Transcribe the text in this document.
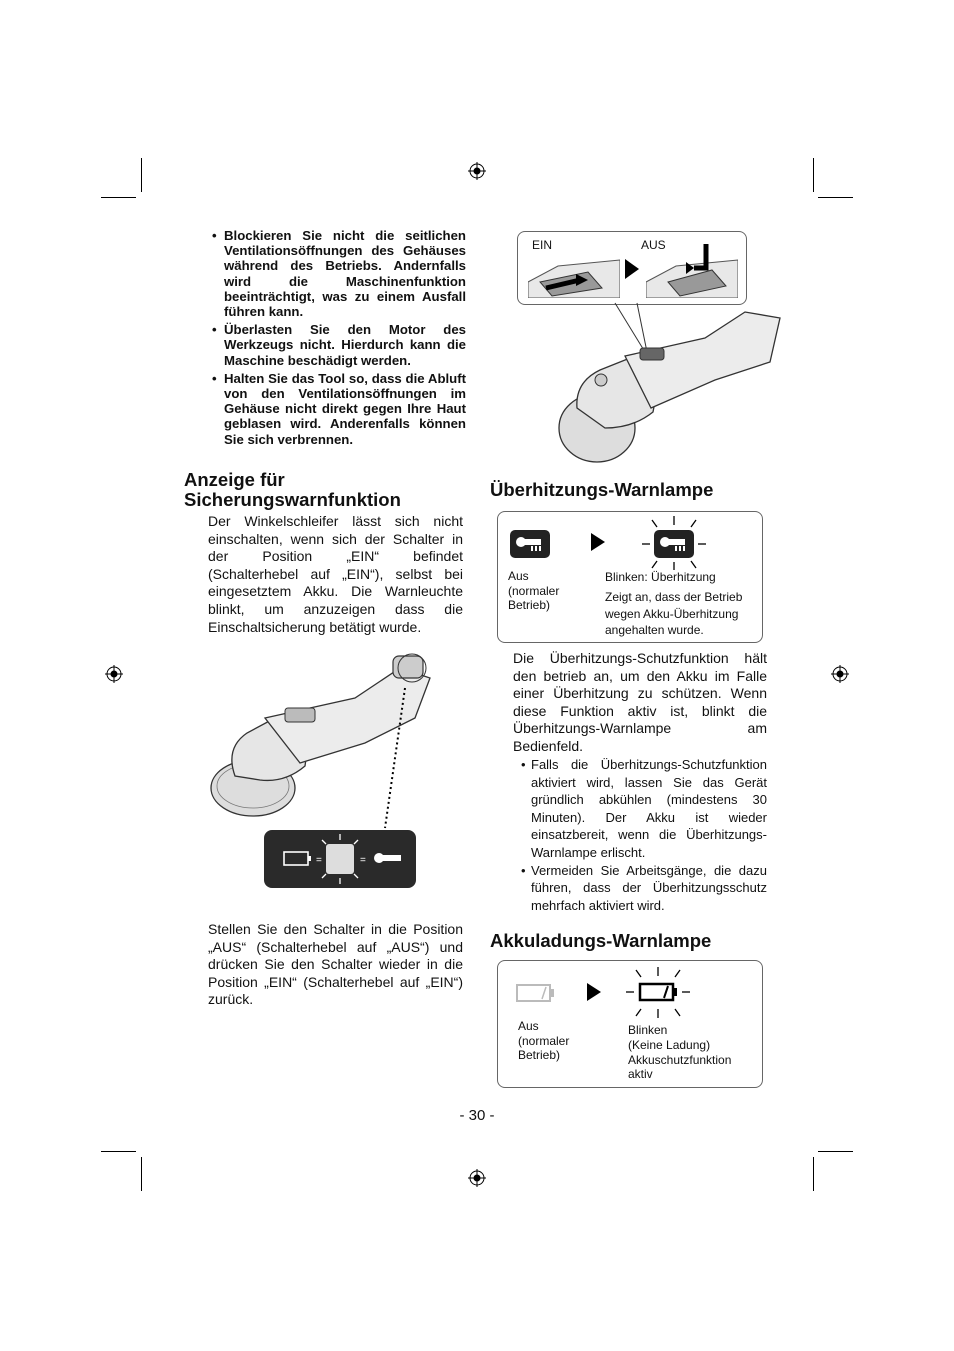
• Blockieren Sie nicht die seitlichen Ventilationsöffnungen des Gehäuses während des Betriebs. Andernfalls wird die Maschinenfunktion beeinträchtigt, was zu einem Ausfall führen kann.
• Überlasten Sie den Motor des Werkzeugs nicht. Hierdurch kann die Maschine beschädigt werden.
• Halten Sie das Tool so, dass die Abluft von den Ventilationsöffnungen im Gehäuse nicht direkt gegen Ihre Haut geblasen wird. Anderenfalls können Sie sich verbrennen.
Anzeige für Sicherungswarnfunktion
Der Winkelschleifer lässt sich nicht einschalten, wenn sich der Schalter in der Position „EIN“ befindet (Schalterhebel auf „EIN“), selbst bei eingesetztem Akku. Die Warnleuchte blinkt, um anzuzeigen dass die Einschaltsicherung betätigt wurde.
=	=
Stellen Sie den Schalter in die Position „AUS“ (Schalterhebel auf „AUS“) und drücken Sie den Schalter wieder in die Position „EIN“ (Schalterhebel auf „EIN“) zurück.
EIN	AUS
Überhitzungs-Warnlampe
Aus
(normaler
Betrieb)
Blinken: Überhitzung
Zeigt an, dass der Betrieb wegen Akku-Überhitzung angehalten wurde.
Die Überhitzungs-Schutzfunktion hält den betrieb an, um den Akku im Falle einer Überhitzung zu schützen. Wenn diese Funktion aktiv ist, blinkt die Überhitzungs-Warnlampe am Bedienfeld.
• Falls die Überhitzungs-Schutzfunktion aktiviert wird, lassen Sie das Gerät gründlich abkühlen (mindestens 30 Minuten). Der Akku ist wieder einsatzbereit, wenn die Überhitzungs-Warnlampe erlischt.
• Vermeiden Sie Arbeitsgänge, die dazu führen, dass der Überhitzungsschutz mehrfach aktiviert wird.
Akkuladungs-Warnlampe
Aus
(normaler
Betrieb)
Blinken
(Keine Ladung)
Akkuschutzfunktion
aktiv
- 30 -
